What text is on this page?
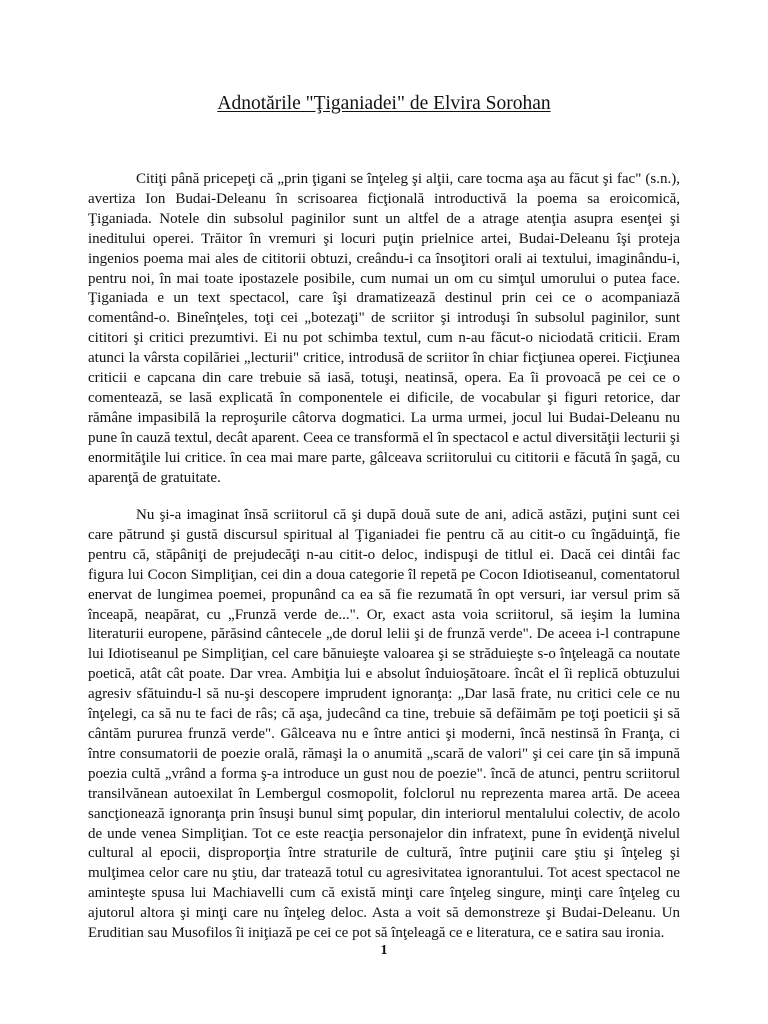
Adnotările "Ţiganiadei" de Elvira Sorohan

Citiţi până pricepeţi că „prin ţigani se înţeleg şi alţii, care tocma aşa au făcut şi fac" (s.n.), avertiza Ion Budai-Deleanu în scrisoarea ficţională introductivă la poema sa eroicomică, Ţiganiada. Notele din subsolul paginilor sunt un altfel de a atrage atenţia asupra esenţei şi ineditului operei. Trăitor în vremuri şi locuri puţin prielnice artei, Budai-Deleanu îşi proteja ingenios poema mai ales de cititorii obtuzi, creându-i ca însoţitori orali ai textului, imaginându-i, pentru noi, în mai toate ipostazele posibile, cum numai un om cu simţul umorului o putea face. Ţiganiada e un text spectacol, care îşi dramatizează destinul prin cei ce o acompaniază comentând-o. Bineînţeles, toţi cei „botezaţi" de scriitor şi introduşi în subsolul paginilor, sunt cititori şi critici prezumtivi. Ei nu pot schimba textul, cum n-au făcut-o niciodată criticii. Eram atunci la vârsta copilăriei „lecturii" critice, introdusă de scriitor în chiar ficţiunea operei. Ficţiunea criticii e capcana din care trebuie să iasă, totuşi, neatinsă, opera. Ea îi provoacă pe cei ce o comentează, se lasă explicată în componentele ei dificile, de vocabular şi figuri retorice, dar rămâne impasibilă la reproşurile câtorva dogmatici. La urma urmei, jocul lui Budai-Deleanu nu pune în cauză textul, decât aparent. Ceea ce transformă el în spectacol e actul diversităţii lecturii şi enormităţile lui critice. în cea mai mare parte, gâlceava scriitorului cu cititorii e făcută în şagă, cu aparenţă de gratuitate.

Nu şi-a imaginat însă scriitorul că şi după două sute de ani, adică astăzi, puţini sunt cei care pătrund şi gustă discursul spiritual al Ţiganiadei fie pentru că au citit-o cu îngăduinţă, fie pentru că, stăpâniţi de prejudecăţi n-au citit-o deloc, indispuşi de titlul ei. Dacă cei dintâi fac figura lui Cocon Simpliţian, cei din a doua categorie îl repetă pe Cocon Idiotiseanul, comentatorul enervat de lungimea poemei, propunând ca ea să fie rezumată în opt versuri, iar versul prim să înceapă, neapărat, cu „Frunză verde de...". Or, exact asta voia scriitorul, să ieşim la lumina literaturii europene, părăsind cântecele „de dorul lelii şi de frunză verde". De aceea i-l contrapune lui Idiotiseanul pe Simpliţian, cel care bănuieşte valoarea şi se străduieşte s-o înţeleagă ca noutate poetică, atât cât poate. Dar vrea. Ambiţia lui e absolut înduioşătoare. încât el îi replică obtuzului agresiv sfătuindu-l să nu-şi descopere imprudent ignoranţa: „Dar lasă frate, nu critici cele ce nu înţelegi, ca să nu te faci de râs; că aşa, judecând ca tine, trebuie să defăimăm pe toţi poeticii şi să cântăm pururea frunză verde". Gâlceava nu e între antici şi moderni, încă nestinsă în Franţa, ci între consumatorii de poezie orală, rămaşi la o anumită „scară de valori" şi cei care ţin să impună poezia cultă „vrând a forma ş-a introduce un gust nou de poezie". încă de atunci, pentru scriitorul transilvănean autoexilat în Lembergul cosmopolit, folclorul nu reprezenta marea artă. De aceea sancţionează ignoranţa prin însuşi bunul simţ popular, din interiorul mentalului colectiv, de acolo de unde venea Simpliţian. Tot ce este reacţia personajelor din infratext, pune în evidenţă nivelul cultural al epocii, disproporţia între straturile de cultură, între puţinii care ştiu şi înţeleg şi mulţimea celor care nu ştiu, dar tratează totul cu agresivitatea ignorantului. Tot acest spectacol ne aminteşte spusa lui Machiavelli cum că există minţi care înţeleg singure, minţi care înţeleg cu ajutorul altora şi minţi care nu înţeleg deloc. Asta a voit să demonstreze şi Budai-Deleanu. Un Eruditian sau Musofilos îi iniţiază pe cei ce pot să înţeleagă ce e literatura, ce e satira sau ironia.

1
